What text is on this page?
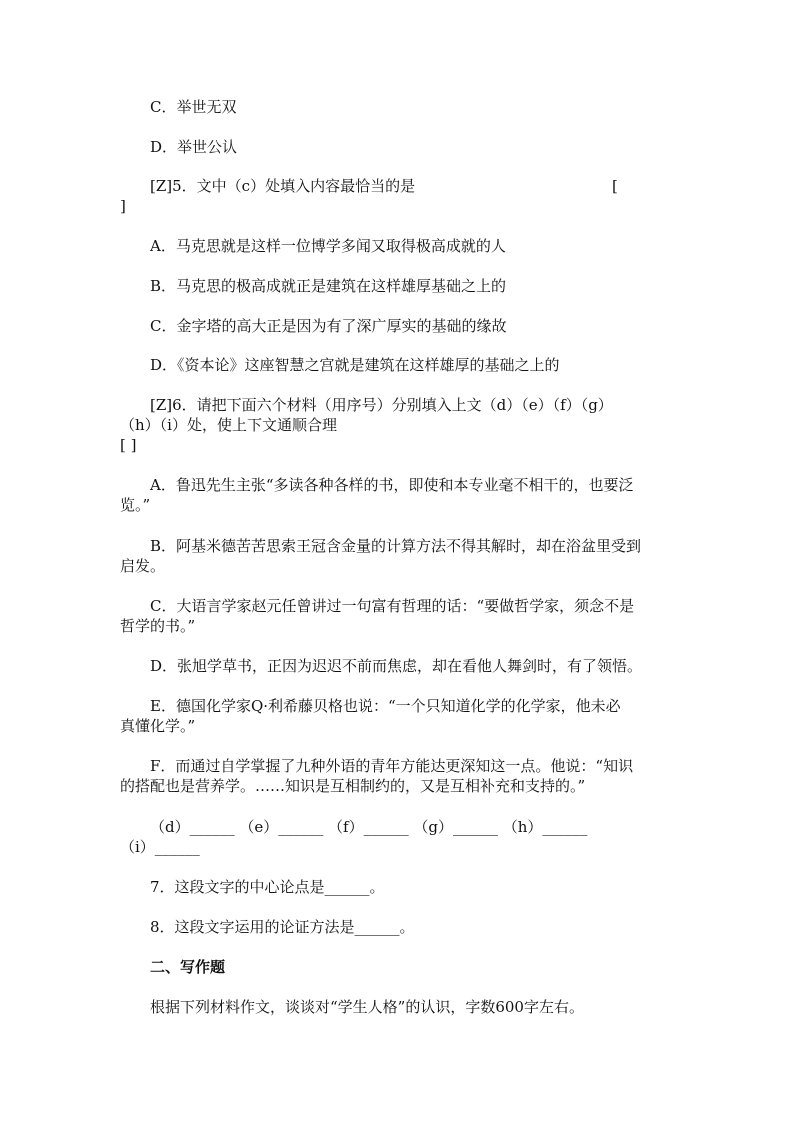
C．举世无双
D．举世公认
[Z]5．文中（c）处填入内容最恰当的是	[
]
A．马克思就是这样一位博学多闻又取得极高成就的人
B．马克思的极高成就正是建筑在这样雄厚基础之上的
C．金字塔的高大正是因为有了深广厚实的基础的缘故
D．《资本论》这座智慧之宫就是建筑在这样雄厚的基础之上的
[Z]6．请把下面六个材料（用序号）分别填入上文（d）（e）（f）（g）
（h）（i）处，使上下文通顺合理
[ ]
A．鲁迅先生主张“多读各种各样的书，即使和本专业毫不相干的，也要泛
览。”
B．阿基米德苦苦思索王冠含金量的计算方法不得其解时，却在浴盆里受到
启发。
C．大语言学家赵元任曾讲过一句富有哲理的话：“要做哲学家，须念不是
哲学的书。”
D．张旭学草书，正因为迟迟不前而焦虑，却在看他人舞剑时，有了领悟。
E．德国化学家Q·利希藤贝格也说：“一个只知道化学的化学家，他未必
真懂化学。”
F．而通过自学掌握了九种外语的青年方能达更深知这一点。他说：“知识
的搭配也是营养学。……知识是互相制约的，又是互相补充和支持的。”
（d）______ （e）______ （f）______ （g）______ （h）______
（i）______
7．这段文字的中心论点是______。
8．这段文字运用的论证方法是______。
二、写作题
根据下列材料作文，谈谈对“学生人格”的认识，字数600字左右。
